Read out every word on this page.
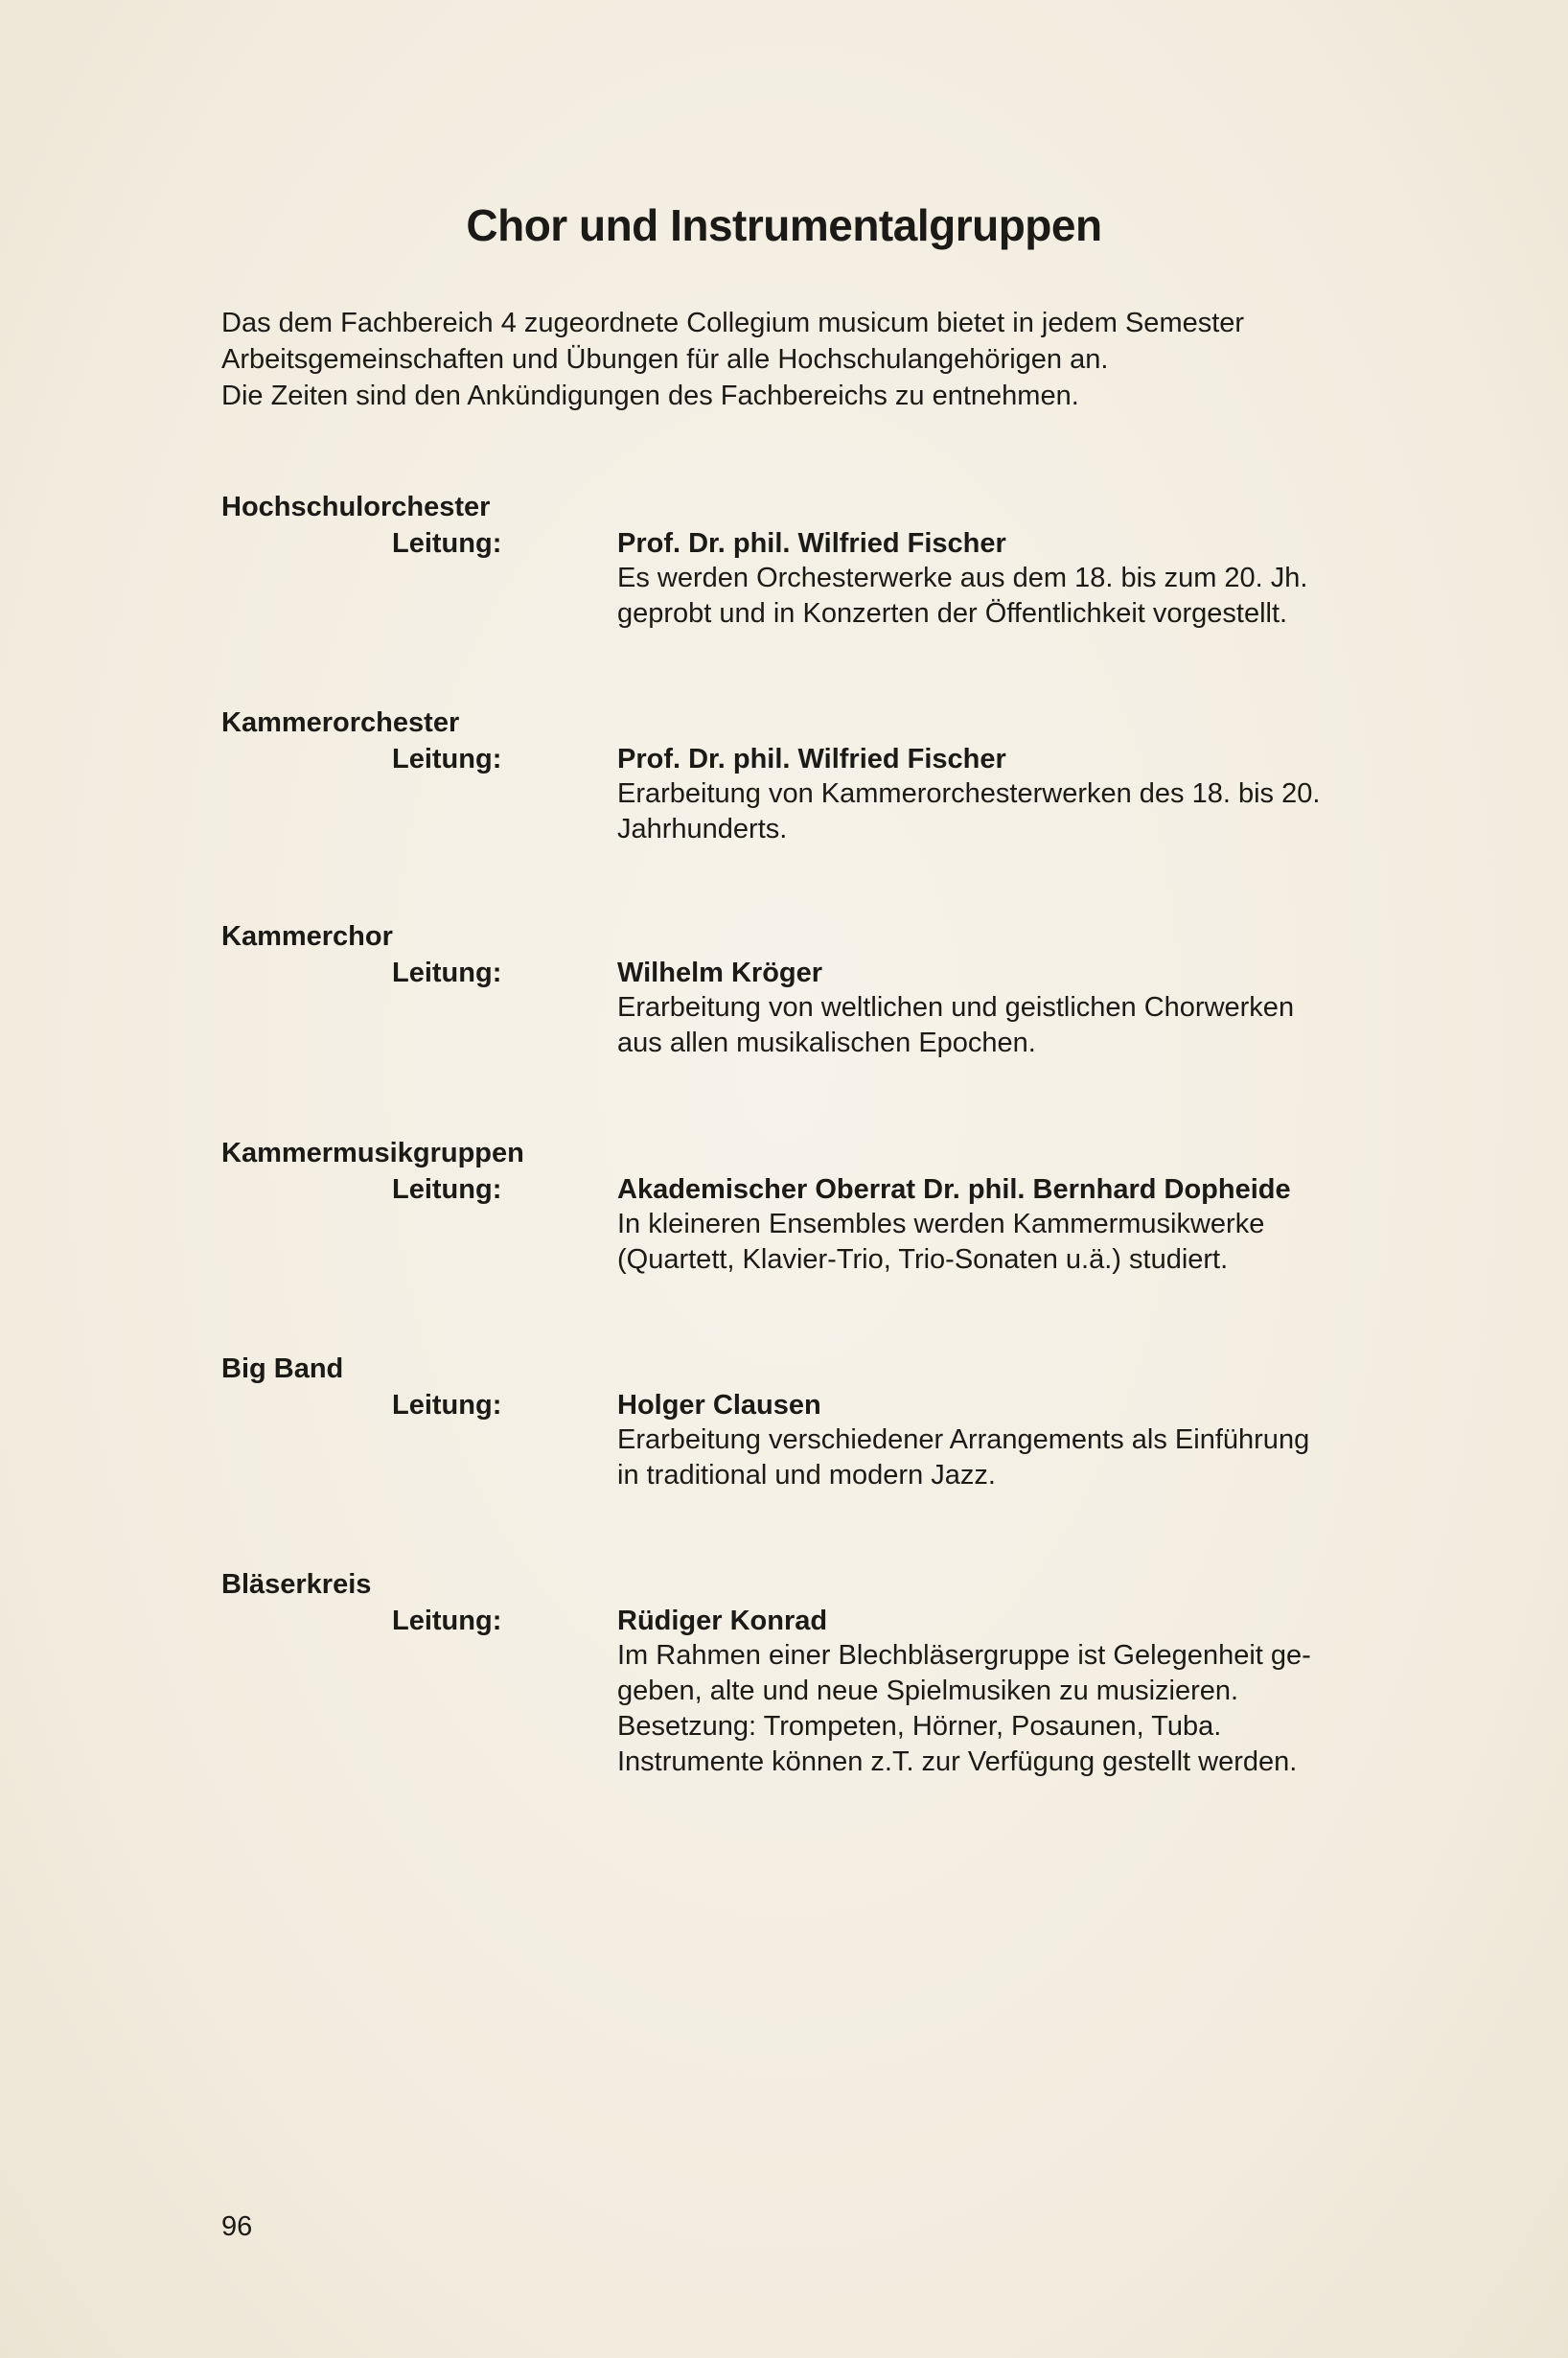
Chor und Instrumentalgruppen

Das dem Fachbereich 4 zugeordnete Collegium musicum bietet in jedem Semester

Arbeitsgemeinschaften und Übungen für alle Hochschulangehörigen an.

Die Zeiten sind den Ankündigungen des Fachbereichs zu entnehmen.

Hochschulorchester
Leitung:	Prof. Dr. phil. Wilfried Fischer
Es werden Orchesterwerke aus dem 18. bis zum 20. Jh.
geprobt und in Konzerten der Öffentlichkeit vorgestellt.
Kammerorchester
Leitung:	Prof. Dr. phil. Wilfried Fischer
Erarbeitung von Kammerorchesterwerken des 18. bis 20.
Jahrhunderts.
Kammerchor
Leitung:	Wilhelm Kröger
Erarbeitung von weltlichen und geistlichen Chorwerken
aus allen musikalischen Epochen.
Kammermusikgruppen
Leitung:	Akademischer Oberrat Dr. phil. Bernhard Dopheide
In kleineren Ensembles werden Kammermusikwerke
(Quartett, Klavier-Trio, Trio-Sonaten u.ä.) studiert.
Big Band
Leitung:	Holger Clausen
Erarbeitung verschiedener Arrangements als Einführung
in traditional und modern Jazz.
Bläserkreis
Leitung:	Rüdiger Konrad
Im Rahmen einer Blechbläsergruppe ist Gelegenheit ge-
geben, alte und neue Spielmusiken zu musizieren.
Besetzung: Trompeten, Hörner, Posaunen, Tuba.
Instrumente können z.T. zur Verfügung gestellt werden.
96
